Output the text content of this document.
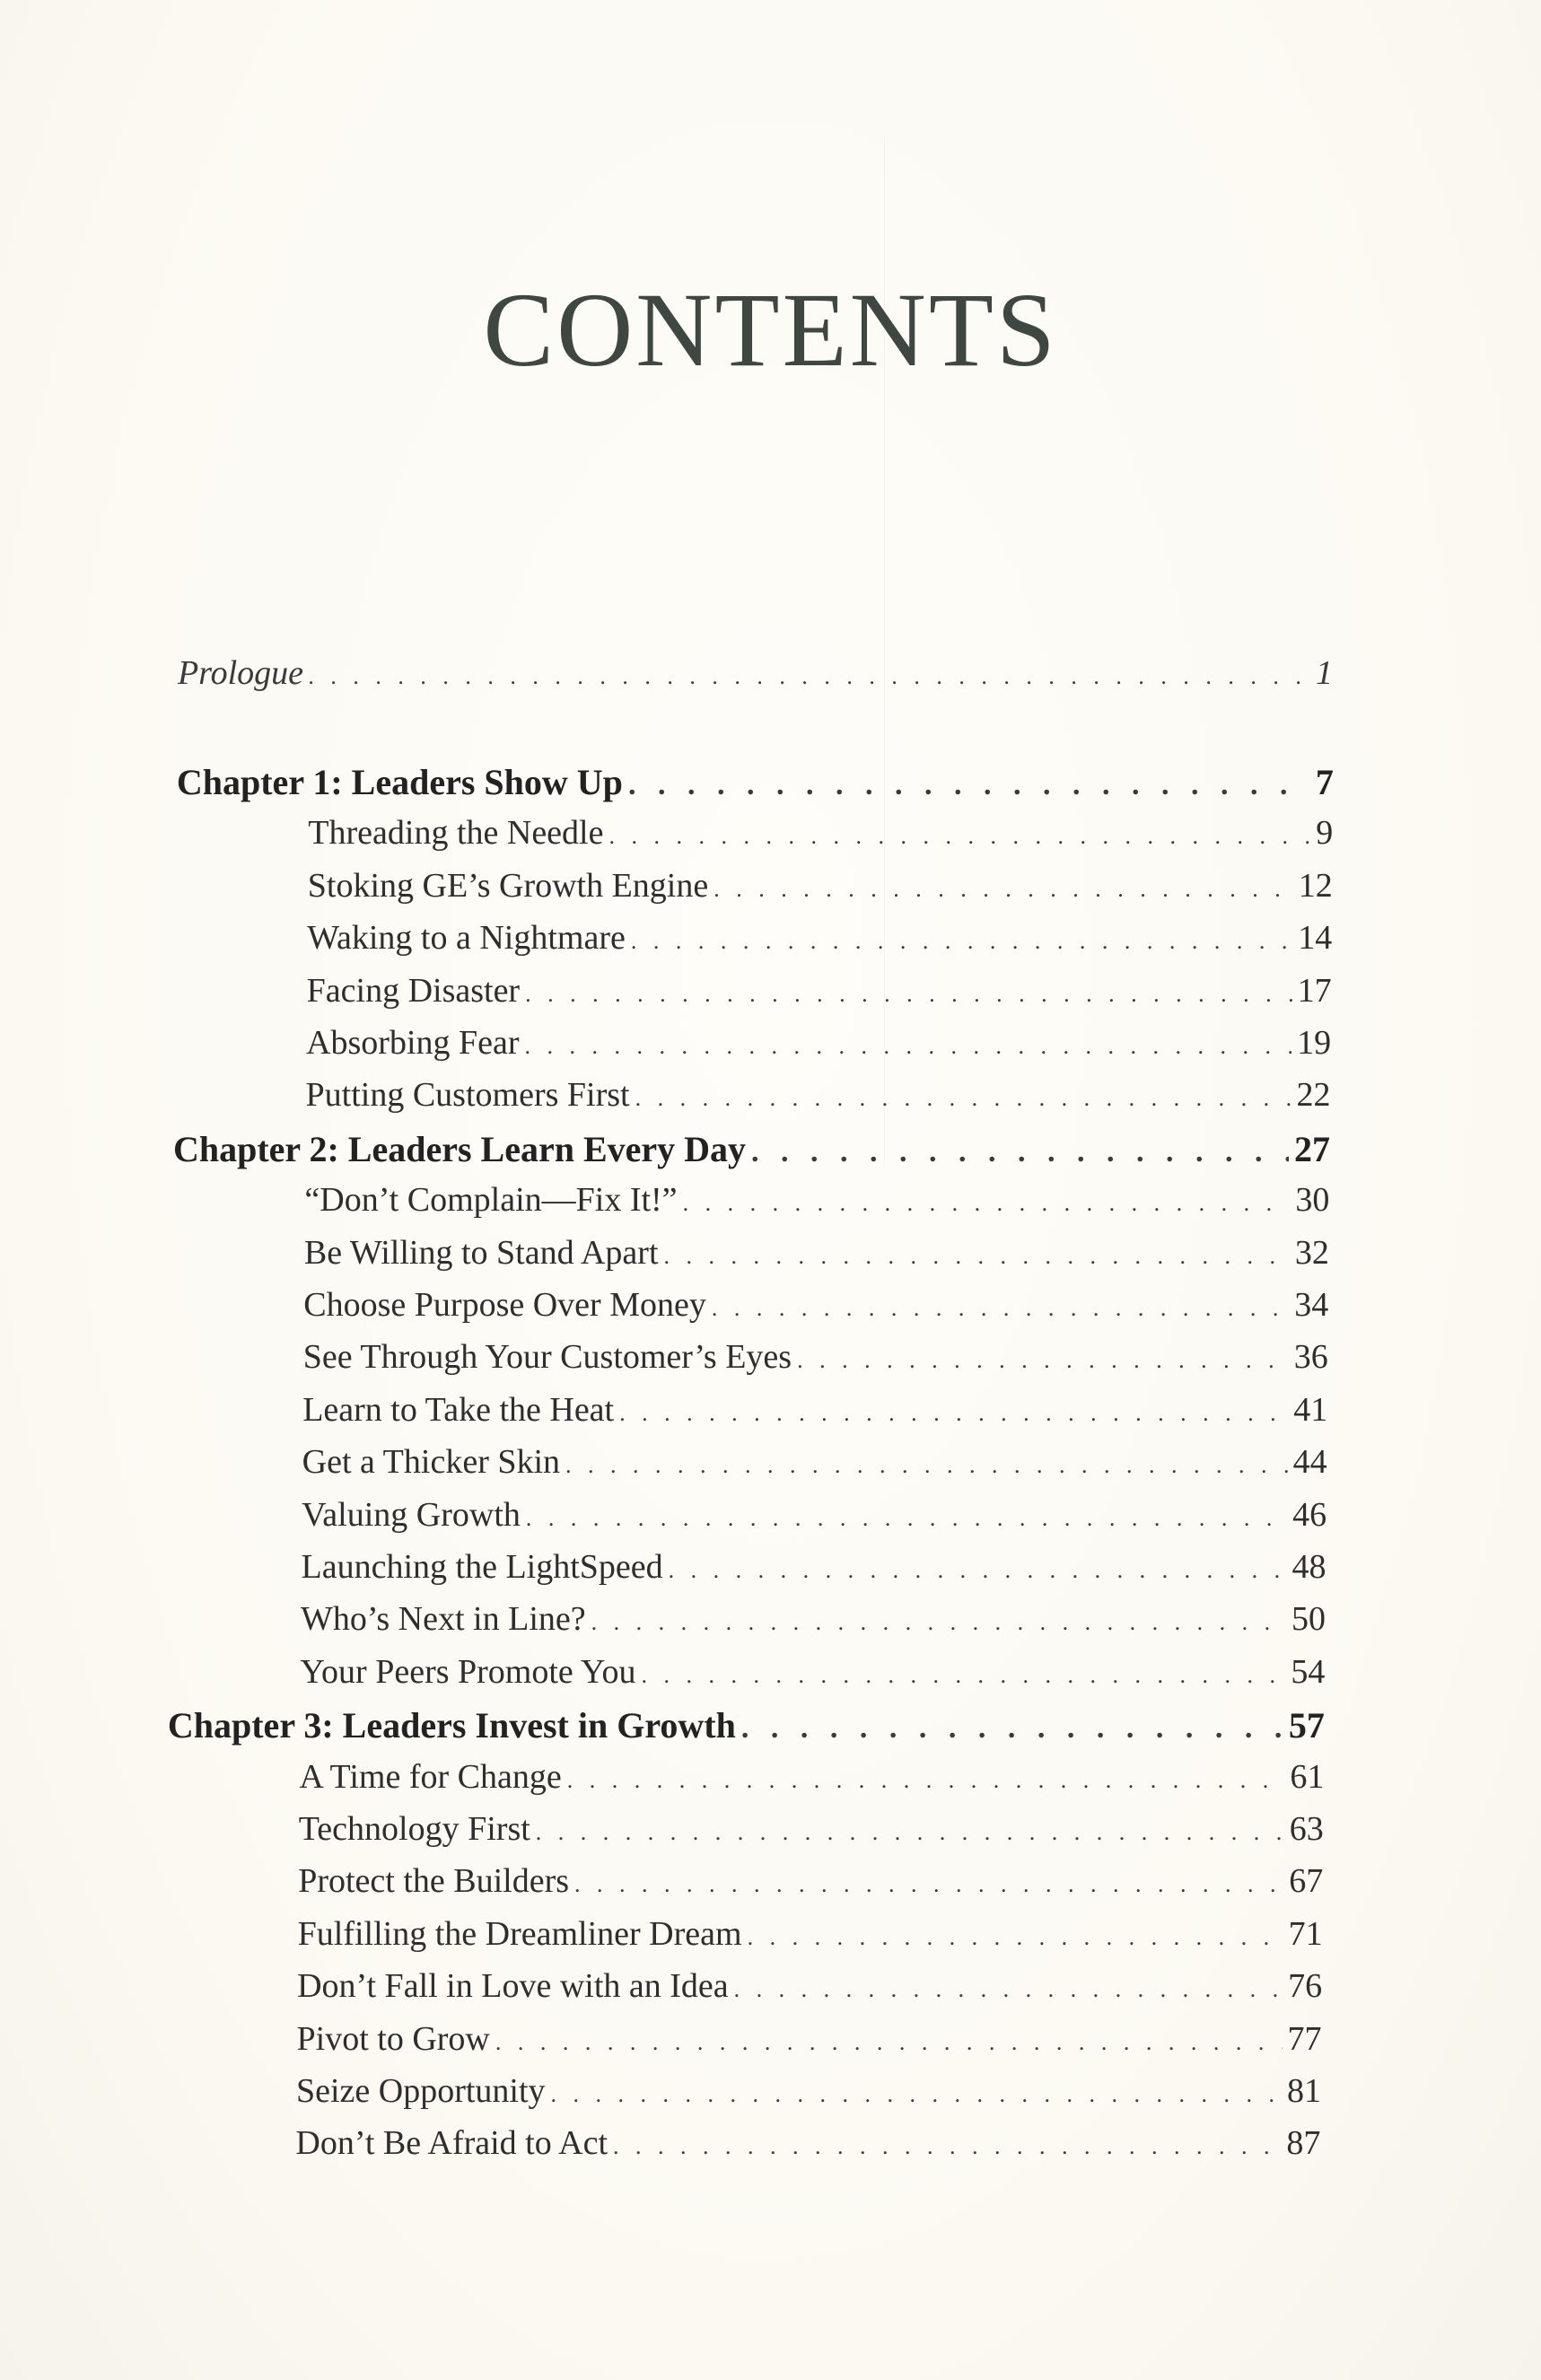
CONTENTS
Prologue . . .	1
Chapter 1: Leaders Show Up . . .	7
Threading the Needle . . .	9
Stoking GE’s Growth Engine . . .	12
Waking to a Nightmare . . .	14
Facing Disaster . . .	17
Absorbing Fear . . .	19
Putting Customers First . . .	22
Chapter 2: Leaders Learn Every Day . . .	27
“Don’t Complain—Fix It!” . . .	30
Be Willing to Stand Apart . . .	32
Choose Purpose Over Money . . .	34
See Through Your Customer’s Eyes . . .	36
Learn to Take the Heat . . .	41
Get a Thicker Skin . . .	44
Valuing Growth . . .	46
Launching the LightSpeed . . .	48
Who’s Next in Line? . . .	50
Your Peers Promote You . . .	54
Chapter 3: Leaders Invest in Growth . . .	57
A Time for Change . . .	61
Technology First . . .	63
Protect the Builders . . .	67
Fulfilling the Dreamliner Dream . . .	71
Don’t Fall in Love with an Idea . . .	76
Pivot to Grow . . .	77
Seize Opportunity . . .	81
Don’t Be Afraid to Act . . .	87
